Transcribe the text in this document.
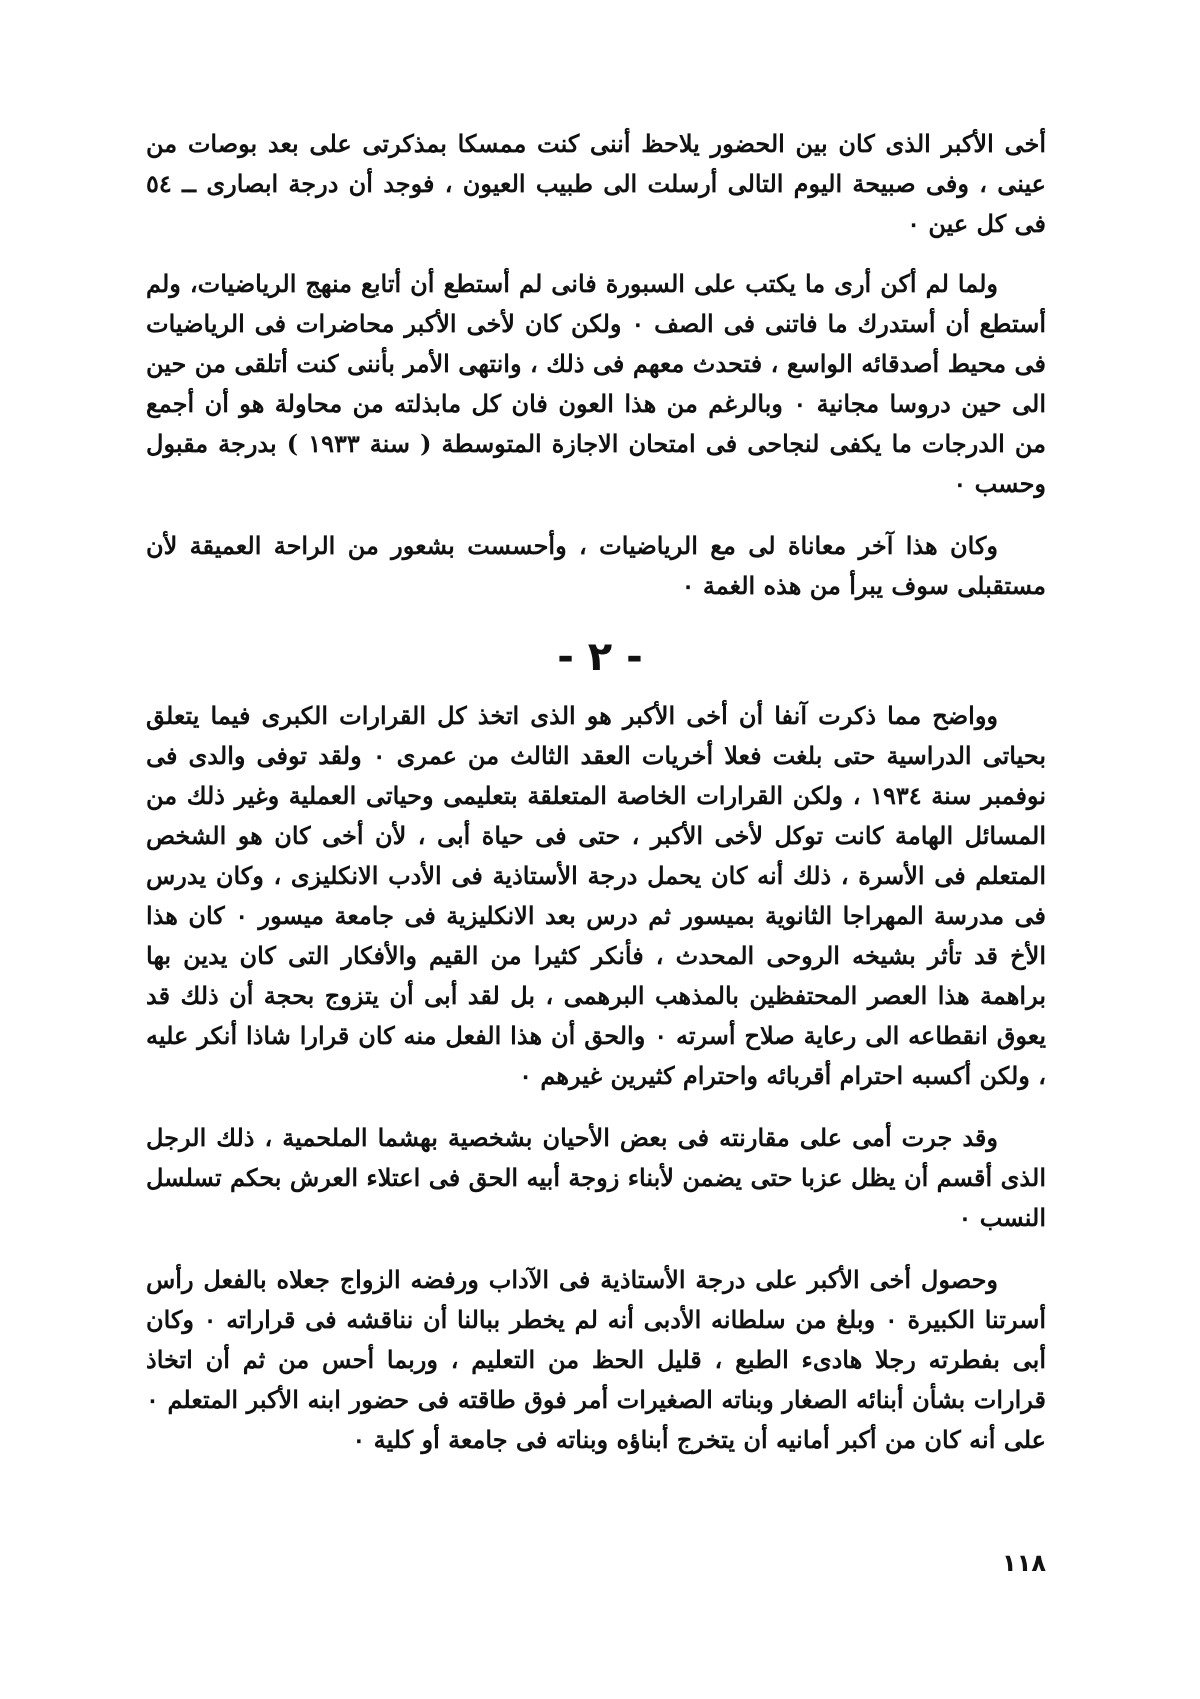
أخى الأكبر الذى كان بين الحضور يلاحظ أننى كنت ممسكا بمذكرتى على بعد بوصات من عينى ، وفى صبيحة اليوم التالى أرسلت الى طبيب العيون ، فوجد أن درجة ابصارى ــ ٥٤ فى كل عين ٠

ولما لم أكن أرى ما يكتب على السبورة فانى لم أستطع أن أتابع منهج الرياضيات، ولم أستطع أن أستدرك ما فاتنى فى الصف ٠ ولكن كان لأخى الأكبر محاضرات فى الرياضيات فى محيط أصدقائه الواسع ، فتحدث معهم فى ذلك ، وانتهى الأمر بأننى كنت أتلقى من حين الى حين دروسا مجانية ٠ وبالرغم من هذا العون فان كل مابذلته من محاولة هو أن أجمع من الدرجات ما يكفى لنجاحى فى امتحان الاجازة المتوسطة ( سنة ١٩٣٣ ) بدرجة مقبول وحسب ٠

وكان هذا آخر معاناة لى مع الرياضيات ، وأحسست بشعور من الراحة العميقة لأن مستقبلى سوف يبرأ من هذه الغمة ٠

- ٢ -

وواضح مما ذكرت آنفا أن أخى الأكبر هو الذى اتخذ كل القرارات الكبرى فيما يتعلق بحياتى الدراسية حتى بلغت فعلا أخريات العقد الثالث من عمرى ٠ ولقد توفى والدى فى نوفمبر سنة ١٩٣٤ ، ولكن القرارات الخاصة المتعلقة بتعليمى وحياتى العملية وغير ذلك من المسائل الهامة كانت توكل لأخى الأكبر ، حتى فى حياة أبى ، لأن أخى كان هو الشخص المتعلم فى الأسرة ، ذلك أنه كان يحمل درجة الأستاذية فى الأدب الانكليزى ، وكان يدرس فى مدرسة المهراجا الثانوية بميسور ثم درس بعد الانكليزية فى جامعة ميسور ٠ كان هذا الأخ قد تأثر بشيخه الروحى المحدث ، فأنكر كثيرا من القيم والأفكار التى كان يدين بها براهمة هذا العصر المحتفظين بالمذهب البرهمى ، بل لقد أبى أن يتزوج بحجة أن ذلك قد يعوق انقطاعه الى رعاية صلاح أسرته ٠ والحق أن هذا الفعل منه كان قرارا شاذا أنكر عليه ، ولكن أكسبه احترام أقربائه واحترام كثيرين غيرهم ٠

وقد جرت أمى على مقارنته فى بعض الأحيان بشخصية بهشما الملحمية ، ذلك الرجل الذى أقسم أن يظل عزبا حتى يضمن لأبناء زوجة أبيه الحق فى اعتلاء العرش بحكم تسلسل النسب ٠

وحصول أخى الأكبر على درجة الأستاذية فى الآداب ورفضه الزواج جعلاه بالفعل رأس أسرتنا الكبيرة ٠ وبلغ من سلطانه الأدبى أنه لم يخطر ببالنا أن نناقشه فى قراراته ٠ وكان أبى بفطرته رجلا هادىء الطبع ، قليل الحظ من التعليم ، وربما أحس من ثم أن اتخاذ قرارات بشأن أبنائه الصغار وبناته الصغيرات أمر فوق طاقته فى حضور ابنه الأكبر المتعلم ٠ على أنه كان من أكبر أمانيه أن يتخرج أبناؤه وبناته فى جامعة أو كلية ٠

١١٨
